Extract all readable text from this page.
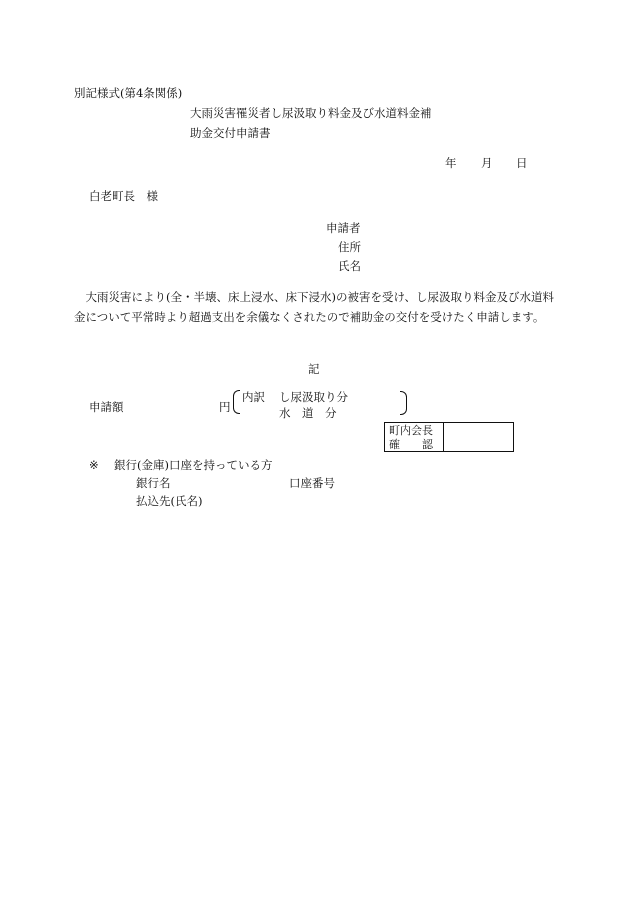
別記様式(第4条関係)
大雨災害罹災者し尿汲取り料金及び水道料金補
助金交付申請書
年 月 日
白老町長　様
申請者
住所
氏名
大雨災害により(全・半壊、床上浸水、床下浸水)の被害を受け、し尿汲取り料金及び水道料金について平常時より超過支出を余儀なくされたので補助金の交付を受けたく申請します。
記
申請額	円
内訳 し尿汲取り分
水　道　分
町内会長
確　　認
※ 銀行(金庫)口座を持っている方
銀行名	口座番号
払込先(氏名)
